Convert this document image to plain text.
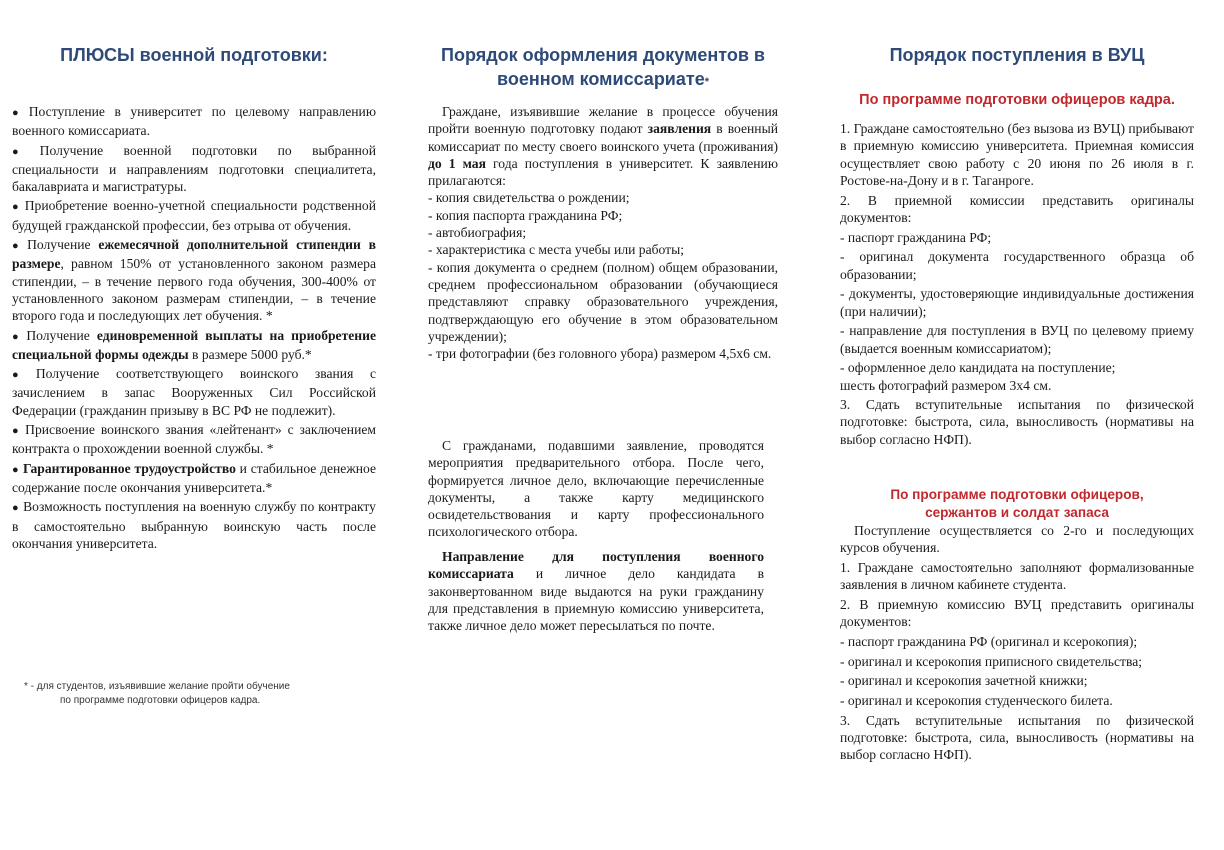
ПЛЮСЫ военной подготовки:

● Поступление в университет по целевому направлению военного комиссариата.

● Получение военной подготовки по выбранной специальности и направлениям подготовки специалитета, бакалавриата и магистратуры.

● Приобретение военно-учетной специальности родственной будущей гражданской профессии, без отрыва от обучения.

● Получение ежемесячной дополнительной стипендии в размере, равном 150% от установленного законом размера стипендии, – в течение первого года обучения, 300-400% от установленного законом размерам стипендии, – в течение второго года и последующих лет обучения. *

● Получение единовременной выплаты на приобретение специальной формы одежды в размере 5000 руб.*

● Получение соответствующего воинского звания с зачислением в запас Вооруженных Сил Российской Федерации (гражданин призыву в ВС РФ не подлежит).

● Присвоение воинского звания «лейтенант» с заключением контракта о прохождении военной службы. *

● Гарантированное трудоустройство и стабильное денежное содержание после окончания университета.*

● Возможность поступления на военную службу по контракту в самостоятельно выбранную воинскую часть после окончания университета.

Порядок оформления документов в военном комиссариате*

Граждане, изъявившие желание в процессе обучения пройти военную подготовку подают заявления в военный комиссариат по месту своего воинского учета (проживания) до 1 мая года поступления в университет. К заявлению прилагаются:

- копия свидетельства о рождении;

- копия паспорта гражданина РФ;

- автобиография;

- характеристика с места учебы или работы;

- копия документа о среднем (полном) общем образовании, среднем профессиональном образовании (обучающиеся представляют справку образовательного учреждения, подтверждающую его обучение в этом образовательном учреждении);

- три фотографии (без головного убора) размером 4,5х6 см.

С гражданами, подавшими заявление, проводятся мероприятия предварительного отбора. После чего, формируется личное дело, включающие перечисленные документы, а также карту медицинского освидетельствования и карту профессионального психологического отбора.

Направление для поступления военного комиссариата и личное дело кандидата в законвертованном виде выдаются на руки гражданину для представления в приемную комиссию университета, также личное дело может пересылаться по почте.

* - для студентов, изъявившие желание пройти обучение
по программе подготовки офицеров кадра.
Порядок поступления в ВУЦ
По программе подготовки офицеров кадра.

1. Граждане самостоятельно (без вызова из ВУЦ) прибывают в приемную комиссию университета. Приемная комиссия осуществляет свою работу с 20 июня по 26 июля в г. Ростове-на-Дону и в г. Таганроге.

2. В приемной комиссии представить оригиналы документов:

- паспорт гражданина РФ;

- оригинал документа государственного образца об образовании;

- документы, удостоверяющие индивидуальные достижения (при наличии);

- направление для поступления в ВУЦ по целевому приему (выдается военным комиссариатом);

- оформленное дело кандидата на поступление;

шесть фотографий размером 3х4 см.

3. Сдать вступительные испытания по физической подготовке: быстрота, сила, выносливость (нормативы на выбор согласно НФП).

По программе подготовки офицеров,
сержантов и солдат запаса

Поступление осуществляется со 2-го и последующих курсов обучения.

1. Граждане самостоятельно заполняют формализованные заявления в личном кабинете студента.

2. В приемную комиссию ВУЦ представить оригиналы документов:

- паспорт гражданина РФ (оригинал и ксерокопия);

- оригинал и ксерокопия приписного свидетельства;

- оригинал и ксерокопия зачетной книжки;

- оригинал и ксерокопия студенческого билета.

3. Сдать вступительные испытания по физической подготовке: быстрота, сила, выносливость (нормативы на выбор согласно НФП).
